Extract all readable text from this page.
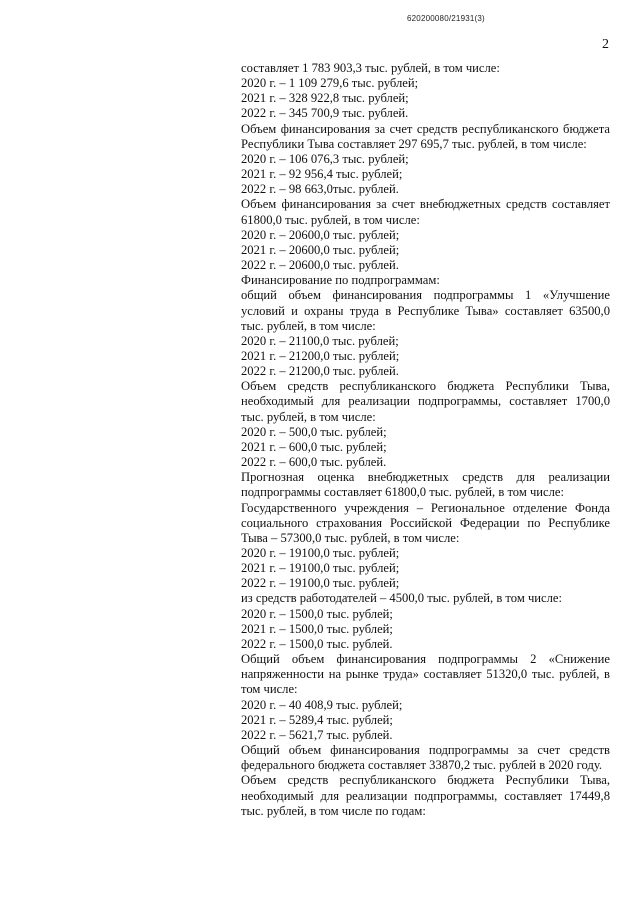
620200080/21931(3)
2

составляет 1 783 903,3 тыс. рублей, в том числе:

2020 г. – 1 109 279,6 тыс. рублей;

2021 г. – 328 922,8 тыс. рублей;

2022 г. – 345 700,9 тыс. рублей.

Объем финансирования за счет средств республиканского бюджета Республики Тыва составляет 297 695,7 тыс. рублей, в том числе:

2020 г. – 106 076,3 тыс. рублей;

2021 г. – 92 956,4 тыс. рублей;

2022 г. – 98 663,0тыс. рублей.

Объем финансирования за счет внебюджетных средств составляет 61800,0 тыс. рублей, в том числе:

2020 г. – 20600,0 тыс. рублей;

2021 г. – 20600,0 тыс. рублей;

2022 г. – 20600,0 тыс. рублей.

Финансирование по подпрограммам:

общий объем финансирования подпрограммы 1 «Улучшение условий и охраны труда в Республике Тыва» составляет 63500,0 тыс. рублей, в том числе:

2020 г. – 21100,0 тыс. рублей;

2021 г. – 21200,0 тыс. рублей;

2022 г. – 21200,0 тыс. рублей.

Объем средств республиканского бюджета Республики Тыва, необходимый для реализации подпрограммы, составляет 1700,0 тыс. рублей, в том числе:

2020 г. – 500,0 тыс. рублей;

2021 г. – 600,0 тыс. рублей;

2022 г. – 600,0 тыс. рублей.

Прогнозная оценка внебюджетных средств для реализации подпрограммы составляет 61800,0 тыс. рублей, в том числе:

Государственного учреждения – Региональное отделение Фонда социального страхования Российской Федерации по Республике Тыва – 57300,0 тыс. рублей, в том числе:

2020 г. – 19100,0 тыс. рублей;

2021 г. – 19100,0 тыс. рублей;

2022 г. – 19100,0 тыс. рублей;

из средств работодателей – 4500,0 тыс. рублей, в том числе:

2020 г. – 1500,0 тыс. рублей;

2021 г. – 1500,0 тыс. рублей;

2022 г. – 1500,0 тыс. рублей.

Общий объем финансирования подпрограммы 2 «Снижение напряженности на рынке труда» составляет 51320,0 тыс. рублей, в том числе:

2020 г. – 40 408,9 тыс. рублей;

2021 г. – 5289,4 тыс. рублей;

2022 г. – 5621,7 тыс. рублей.

Общий объем финансирования подпрограммы за счет средств федерального бюджета составляет 33870,2 тыс. рублей в 2020 году.

Объем средств республиканского бюджета Республики Тыва, необходимый для реализации подпрограммы, составляет 17449,8 тыс. рублей, в том числе по годам:
